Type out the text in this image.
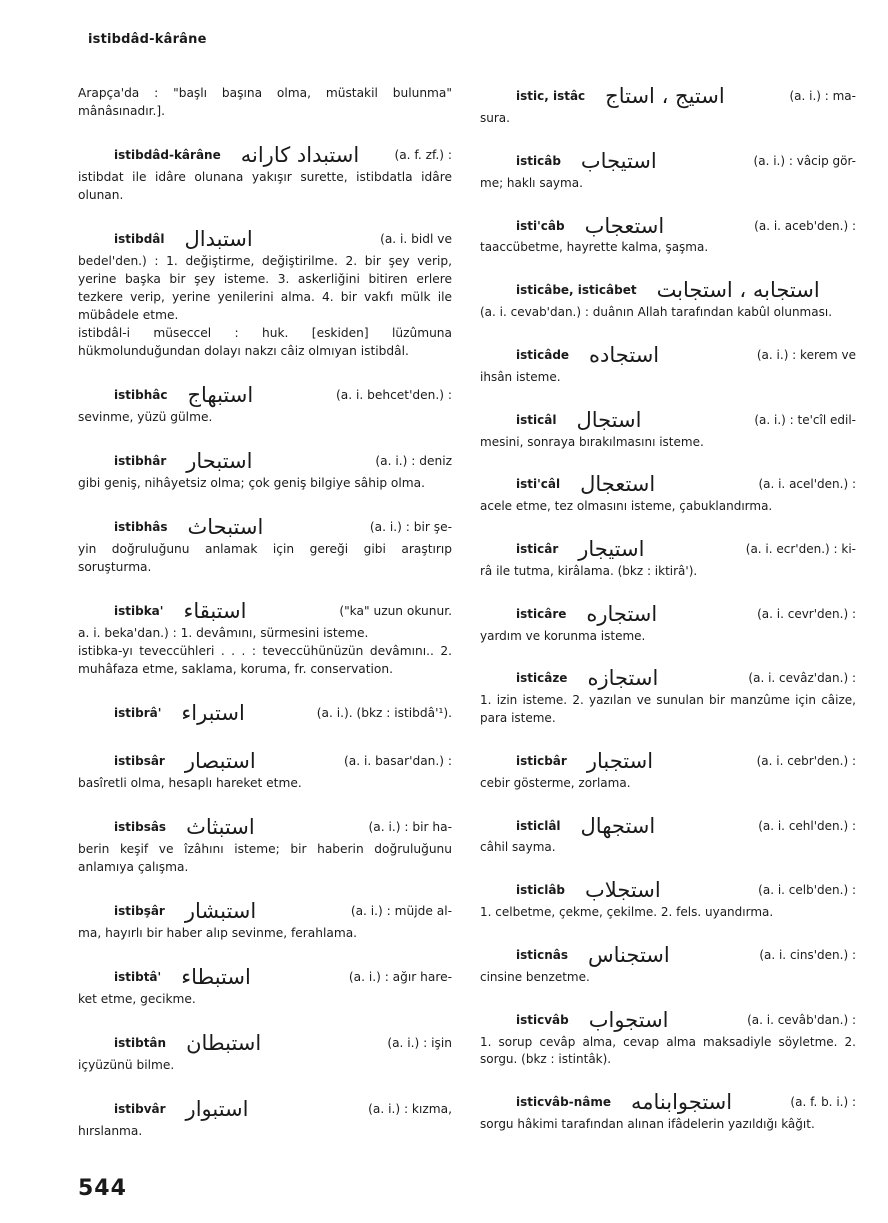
istibdâd-kârâne
Arapça'da : "başlı başına olma, müstakil bulunma" mânâsınadır.].
istibdâd-kârâne استبداد كارانه	(a. f. zf.) :
istibdat ile idâre olunana yakışır surette, istibdatla idâre olunan.
istibdâl استبدال	(a. i. bidl ve
bedel'den.) : 1. değiştirme, değiştirilme. 2. bir şey verip, yerine başka bir şey isteme. 3. askerliğini bitiren erlere tezkere verip, yerine yenilerini alma. 4. bir vakfı mülk ile mübâdele etme.
istibdâl-i müseccel : huk. [eskiden] lüzûmuna hükmolunduğundan dolayı nakzı câiz olmıyan istibdâl.
istibhâc استبهاج	(a. i. behcet'den.) :
sevinme, yüzü gülme.
istibhâr استبحار	(a. i.) : deniz
gibi geniş, nihâyetsiz olma; çok geniş bilgiye sâhip olma.
istibhâs استبحاث	(a. i.) : bir şe-
yin doğruluğunu anlamak için gereği gibi araştırıp soruşturma.
istibka' استبقاء	("ka" uzun okunur.
a. i. beka'dan.) : 1. devâmını, sürmesini isteme.
istibka-yı teveccühleri . . . : teveccühünüzün devâmını.. 2. muhâfaza etme, saklama, koruma, fr. conservation.
istibrâ' استبراء	(a. i.). (bkz : istibdâ'¹).
istibsâr استبصار	(a. i. basar'dan.) :
basîretli olma, hesaplı hareket etme.
istibsâs استبثاث	(a. i.) : bir ha-
berin keşif ve îzâhını isteme; bir haberin doğruluğunu anlamıya çalışma.
istibşâr استبشار	(a. i.) : müjde al-
ma, hayırlı bir haber alıp sevinme, ferahlama.
istibtâ' استبطاء	(a. i.) : ağır hare-
ket etme, gecikme.
istibtân استبطان	(a. i.) : işin
içyüzünü bilme.
istibvâr استبوار	(a. i.) : kızma,
hırslanma.
istic, istâc استيج ، استاج	(a. i.) : ma-
sura.
isticâb استيجاب	(a. i.) : vâcip gör-
me; haklı sayma.
isti'câb استعجاب	(a. i. aceb'den.) :
taaccübetme, hayrette kalma, şaşma.
isticâbe, isticâbet استجابه ، استجابت
(a. i. cevab'dan.) : duânın Allah tarafından kabûl olunması.
isticâde استجاده	(a. i.) : kerem ve
ihsân isteme.
isticâl استجال	(a. i.) : te'cîl edil-
mesini, sonraya bırakılmasını isteme.
isti'câl استعجال	(a. i. acel'den.) :
acele etme, tez olmasını isteme, çabuklandırma.
isticâr استيجار	(a. i. ecr'den.) : ki-
râ ile tutma, kirâlama. (bkz : iktirâ').
isticâre استجاره	(a. i. cevr'den.) :
yardım ve korunma isteme.
isticâze استجازه	(a. i. cevâz'dan.) :
1. izin isteme. 2. yazılan ve sunulan bir manzûme için câize, para isteme.
isticbâr استجبار	(a. i. cebr'den.) :
cebir gösterme, zorlama.
isticlâl استجهال	(a. i. cehl'den.) :
câhil sayma.
isticlâb استجلاب	(a. i. celb'den.) :
1. celbetme, çekme, çekilme. 2. fels. uyandırma.
isticnâs استجناس	(a. i. cins'den.) :
cinsine benzetme.
isticvâb استجواب	(a. i. cevâb'dan.) :
1. sorup cevâp alma, cevap alma maksadiyle söyletme. 2. sorgu. (bkz : istintâk).
isticvâb-nâme استجوابنامه	(a. f. b. i.) :
sorgu hâkimi tarafından alınan ifâdelerin yazıldığı kâğıt.
544
